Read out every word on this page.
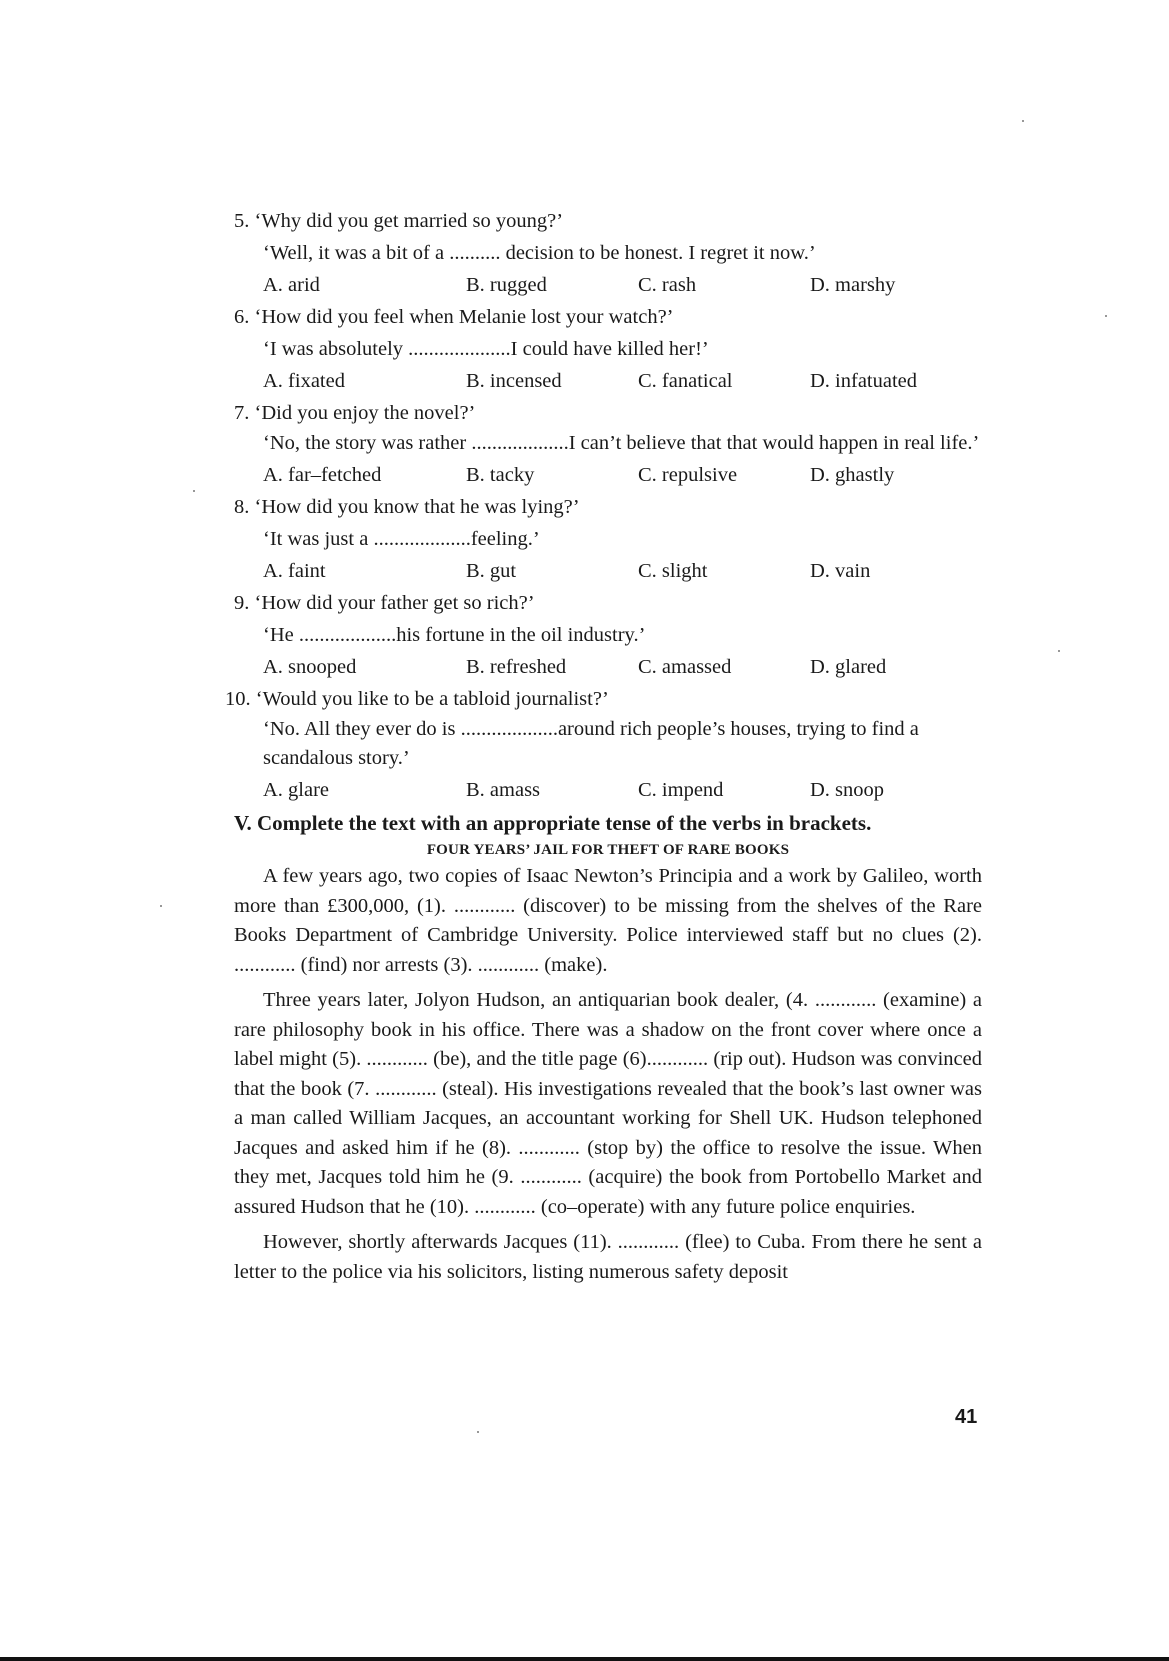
5. ‘Why did you get married so young?’
‘Well, it was a bit of a .......... decision to be honest. I regret it now.’
A. arid	B. rugged	C. rash	D. marshy
6. ‘How did you feel when Melanie lost your watch?’
‘I was absolutely ....................I could have killed her!’
A. fixated	B. incensed	C. fanatical	D. infatuated
7. ‘Did you enjoy the novel?’
‘No, the story was rather ...................I can’t believe that that would happen in real life.’
A. far–fetched	B. tacky	C. repulsive	D. ghastly
8. ‘How did you know that he was lying?’
‘It was just a ...................feeling.’
A. faint	B. gut	C. slight	D. vain
9. ‘How did your father get so rich?’
‘He ...................his fortune in the oil industry.’
A. snooped	B. refreshed	C. amassed	D. glared
10. ‘Would you like to be a tabloid journalist?’
‘No. All they ever do is ...................around rich people’s houses, trying to find a scandalous story.’
A. glare	B. amass	C. impend	D. snoop
V. Complete the text with an appropriate tense of the verbs in brackets.
FOUR YEARS’ JAIL FOR THEFT OF RARE BOOKS

A few years ago, two copies of Isaac Newton’s Principia and a work by Galileo, worth more than £300,000, (1). ............ (discover) to be missing from the shelves of the Rare Books Department of Cambridge University. Police interviewed staff but no clues (2). ............ (find) nor arrests (3). ............ (make).

Three years later, Jolyon Hudson, an antiquarian book dealer, (4. ............ (examine) a rare philosophy book in his office. There was a shadow on the front cover where once a label might (5). ............ (be), and the title page (6)............ (rip out). Hudson was convinced that the book (7. ............ (steal). His investigations revealed that the book’s last owner was a man called William Jacques, an accountant working for Shell UK. Hudson telephoned Jacques and asked him if he (8). ............ (stop by) the office to resolve the issue. When they met, Jacques told him he (9. ............ (acquire) the book from Portobello Market and assured Hudson that he (10). ............ (co–operate) with any future police enquiries.

However, shortly afterwards Jacques (11). ............ (flee) to Cuba. From there he sent a letter to the police via his solicitors, listing numerous safety deposit

41
